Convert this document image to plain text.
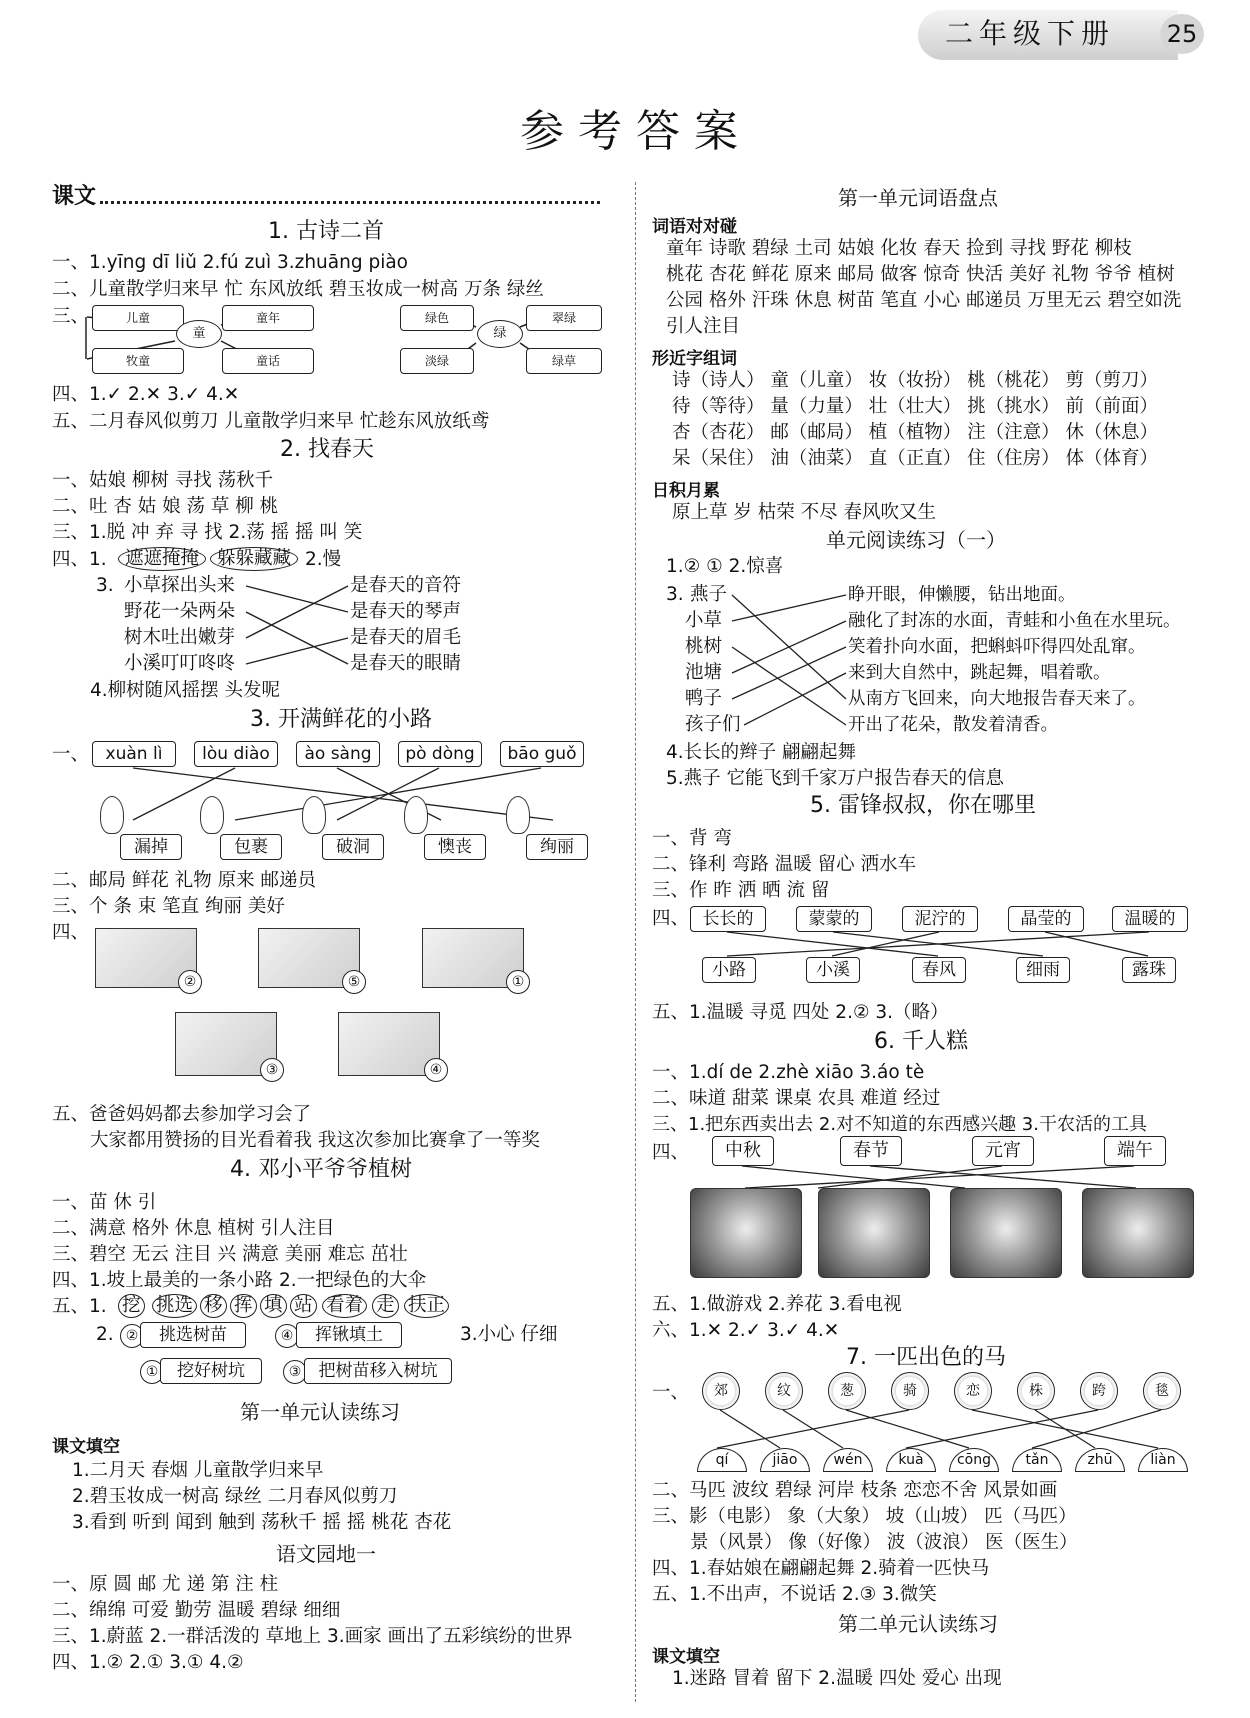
二年级下册 25
参考答案
课文
1. 古诗二首
一、1.yīng dī liǔ 2.fú zuì 3.zhuāng piào
二、儿童散学归来早 忙 东风放纸 碧玉妆成一树高 万条 绿丝
三、	儿童	童年
牧童	童话
童
绿色	翠绿
淡绿	绿草
绿
四、1.✓ 2.✕ 3.✓ 4.✕
五、二月春风似剪刀 儿童散学归来早 忙趁东风放纸鸢
2. 找春天
一、姑娘 柳树 寻找 荡秋千
二、吐 杏 姑 娘 荡 草 柳 桃
三、1.脱 冲 弃 寻 找 2.荡 摇 摇 叫 笑
四、1. 遮遮掩掩 躲躲藏藏 2.慢
3. 小草探出头来
野花一朵两朵
树木吐出嫩芽
小溪叮叮咚咚
是春天的音符
是春天的琴声
是春天的眉毛
是春天的眼睛
4.柳树随风摇摆 头发呢
3. 开满鲜花的小路
一、 xuàn lì	lòu diào	ào sàng	pò dòng	bāo guǒ
漏掉	包裹	破洞	懊丧	绚丽
二、邮局 鲜花 礼物 原来 邮递员
三、个 条 束 笔直 绚丽 美好
四、
②	⑤	①
③	④
五、爸爸妈妈都去参加学习会了
大家都用赞扬的目光看着我 我这次参加比赛拿了一等奖
4. 邓小平爷爷植树
一、苗 休 引
二、满意 格外 休息 植树 引人注目
三、碧空 无云 注目 兴 满意 美丽 难忘 茁壮
四、1.坡上最美的一条小路 2.一把绿色的大伞
五、1. 挖 挑选 移 挥 填 站 看着 走 扶正
2. ②	挑选树苗	④	挥锹填土	3.小心 仔细
①	挖好树坑	③	把树苗移入树坑
第一单元认读练习
课文填空
1.二月天 春烟 儿童散学归来早
2.碧玉妆成一树高 绿丝 二月春风似剪刀
3.看到 听到 闻到 触到 荡秋千 摇 摇 桃花 杏花
语文园地一
一、原 圆 邮 尤 递 第 注 柱
二、绵绵 可爱 勤劳 温暖 碧绿 细细
三、1.蔚蓝 2.一群活泼的 草地上 3.画家 画出了五彩缤纷的世界
四、1.② 2.① 3.① 4.②
第一单元词语盘点
词语对对碰
童年 诗歌 碧绿 土司 姑娘 化妆 春天 捡到 寻找 野花 柳枝
桃花 杏花 鲜花 原来 邮局 做客 惊奇 快活 美好 礼物 爷爷 植树
公园 格外 汗珠 休息 树苗 笔直 小心 邮递员 万里无云 碧空如洗
引人注目
形近字组词
诗（诗人） 童（儿童） 妆（妆扮） 桃（桃花） 剪（剪刀）
待（等待） 量（力量） 壮（壮大） 挑（挑水） 前（前面）
杏（杏花） 邮（邮局） 植（植物） 注（注意） 休（休息）
呆（呆住） 油（油菜） 直（正直） 住（住房） 体（体育）
日积月累
原上草 岁 枯荣 不尽 春风吹又生
单元阅读练习（一）
1.② ① 2.惊喜
3. 燕子
小草
桃树
池塘
鸭子
孩子们
睁开眼，伸懒腰，钻出地面。
融化了封冻的水面，青蛙和小鱼在水里玩。
笑着扑向水面，把蝌蚪吓得四处乱窜。
来到大自然中，跳起舞，唱着歌。
从南方飞回来，向大地报告春天来了。
开出了花朵，散发着清香。
4.长长的辫子 翩翩起舞
5.燕子 它能飞到千家万户报告春天的信息
5. 雷锋叔叔，你在哪里
一、背 弯
二、锋利 弯路 温暖 留心 洒水车
三、作 昨 洒 晒 流 留
四、 长长的	蒙蒙的	泥泞的	晶莹的	温暖的
小路	小溪	春风	细雨	露珠
五、1.温暖 寻觅 四处 2.② 3.（略）
6. 千人糕
一、1.dí de 2.zhè xiāo 3.áo tè
二、味道 甜菜 课桌 农具 难道 经过
三、1.把东西卖出去 2.对不知道的东西感兴趣 3.干农活的工具
四、	中秋	春节	元宵	端午
五、1.做游戏 2.养花 3.看电视
六、1.✕ 2.✓ 3.✓ 4.✕
7. 一匹出色的马
一、	郊	纹	葱	骑	恋	株	跨	毯
qí	jiāo	wén	kuà	cōng	tǎn	zhū	liàn
二、马匹 波纹 碧绿 河岸 枝条 恋恋不舍 风景如画
三、影（电影） 象（大象） 坡（山坡） 匹（马匹）
景（风景） 像（好像） 波（波浪） 医（医生）
四、1.春姑娘在翩翩起舞 2.骑着一匹快马
五、1.不出声，不说话 2.③ 3.微笑
第二单元认读练习
课文填空
1.迷路 冒着 留下 2.温暖 四处 爱心 出现
